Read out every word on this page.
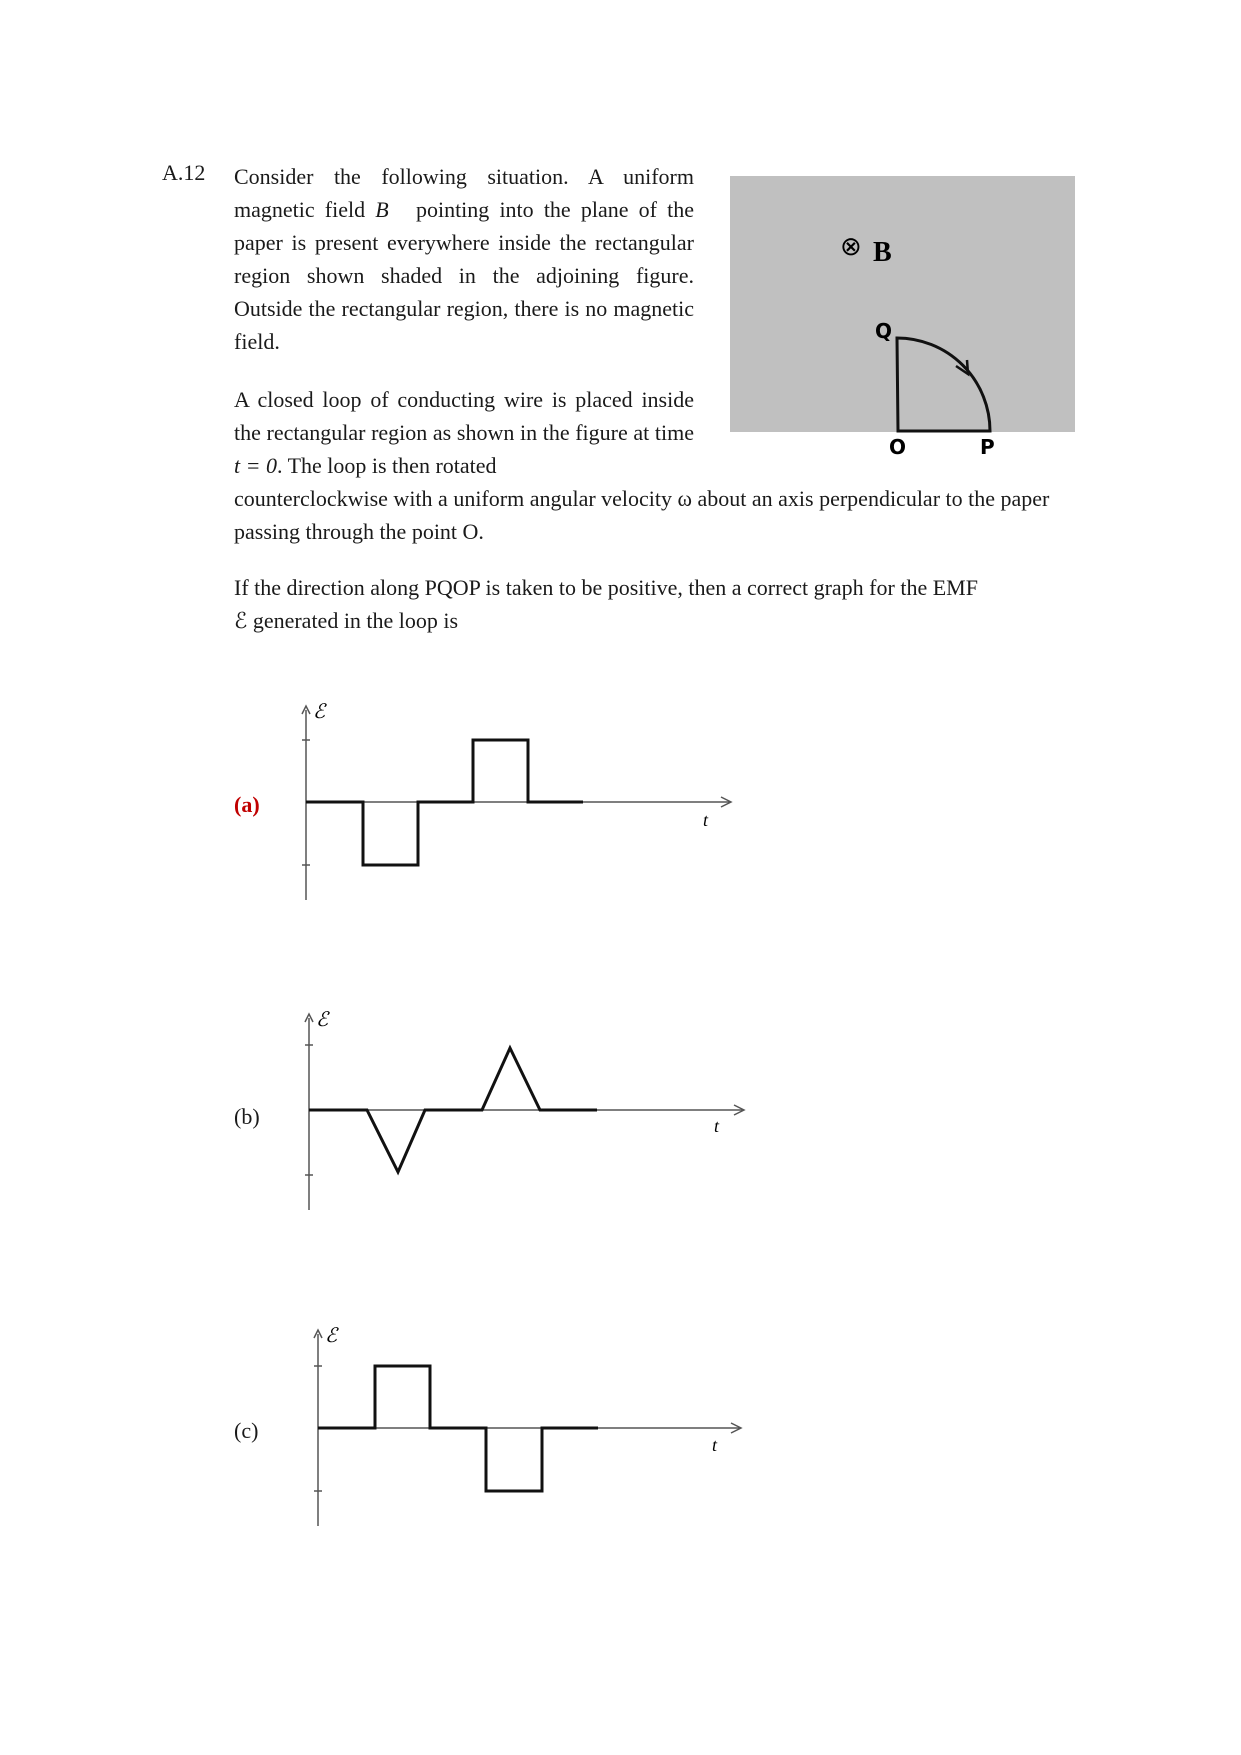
A.12 Consider the following situation. A uniform magnetic field B⃗ pointing into the plane of the paper is present everywhere inside the rectangular region shown shaded in the adjoining figure. Outside the rectangular region, there is no magnetic field.
A closed loop of conducting wire is placed inside the rectangular region as shown in the figure at time t = 0. The loop is then rotated
counterclockwise with a uniform angular velocity ω about an axis perpendicular to the paper passing through the point O.
If the direction along PQOP is taken to be positive, then a correct graph for the EMF
ℰ generated in the loop is
⊗ B⃗
Q
O	P
(a)
(b)
(c)
ℰ
t
ℰ
t
ℰ
t
